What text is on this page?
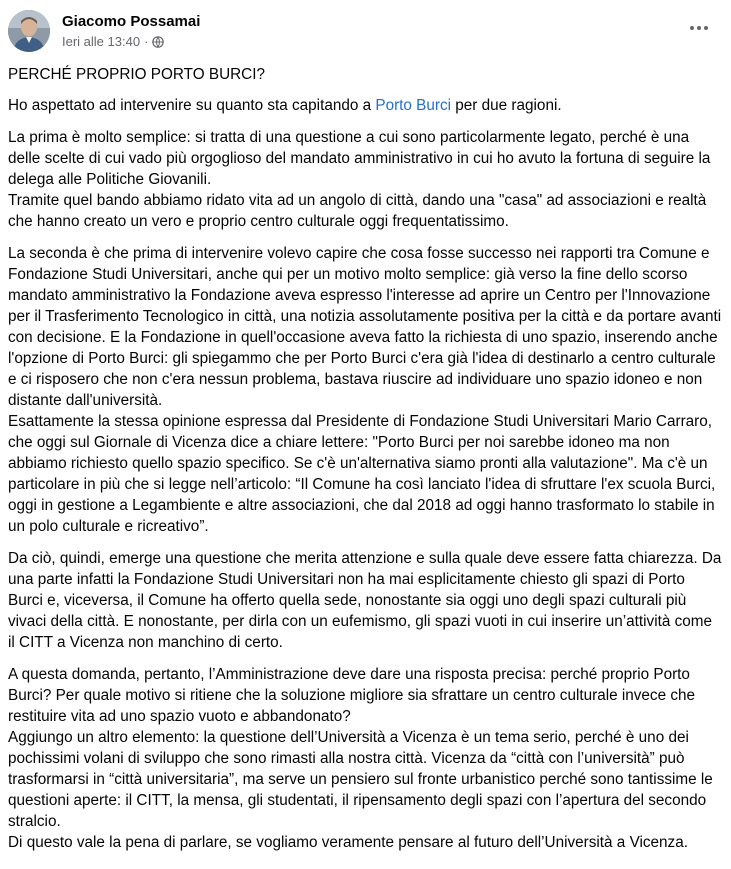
Giacomo Possamai
Ieri alle 13:40 ·

PERCHÉ PROPRIO PORTO BURCI?

Ho aspettato ad intervenire su quanto sta capitando a Porto Burci per due ragioni.

La prima è molto semplice: si tratta di una questione a cui sono particolarmente legato, perché è una delle scelte di cui vado più orgoglioso del mandato amministrativo in cui ho avuto la fortuna di seguire la delega alle Politiche Giovanili.
Tramite quel bando abbiamo ridato vita ad un angolo di città, dando una "casa" ad associazioni e realtà che hanno creato un vero e proprio centro culturale oggi frequentatissimo.

La seconda è che prima di intervenire volevo capire che cosa fosse successo nei rapporti tra Comune e Fondazione Studi Universitari, anche qui per un motivo molto semplice: già verso la fine dello scorso mandato amministrativo la Fondazione aveva espresso l'interesse ad aprire un Centro per l'Innovazione per il Trasferimento Tecnologico in città, una notizia assolutamente positiva per la città e da portare avanti con decisione. E la Fondazione in quell'occasione aveva fatto la richiesta di uno spazio, inserendo anche l'opzione di Porto Burci: gli spiegammo che per Porto Burci c'era già l'idea di destinarlo a centro culturale e ci risposero che non c'era nessun problema, bastava riuscire ad individuare uno spazio idoneo e non distante dall'università.
Esattamente la stessa opinione espressa dal Presidente di Fondazione Studi Universitari Mario Carraro, che oggi sul Giornale di Vicenza dice a chiare lettere: "Porto Burci per noi sarebbe idoneo ma non abbiamo richiesto quello spazio specifico. Se c'è un'alternativa siamo pronti alla valutazione". Ma c'è un particolare in più che si legge nell’articolo: “Il Comune ha così lanciato l'idea di sfruttare l'ex scuola Burci, oggi in gestione a Legambiente e altre associazioni, che dal 2018 ad oggi hanno trasformato lo stabile in un polo culturale e ricreativo”.

Da ciò, quindi, emerge una questione che merita attenzione e sulla quale deve essere fatta chiarezza. Da una parte infatti la Fondazione Studi Universitari non ha mai esplicitamente chiesto gli spazi di Porto Burci e, viceversa, il Comune ha offerto quella sede, nonostante sia oggi uno degli spazi culturali più vivaci della città. E nonostante, per dirla con un eufemismo, gli spazi vuoti in cui inserire un’attività come il CITT a Vicenza non manchino di certo.

A questa domanda, pertanto, l’Amministrazione deve dare una risposta precisa: perché proprio Porto Burci? Per quale motivo si ritiene che la soluzione migliore sia sfrattare un centro culturale invece che restituire vita ad uno spazio vuoto e abbandonato?
Aggiungo un altro elemento: la questione dell’Università a Vicenza è un tema serio, perché è uno dei pochissimi volani di sviluppo che sono rimasti alla nostra città. Vicenza da “città con l’università” può trasformarsi in “città universitaria”, ma serve un pensiero sul fronte urbanistico perché sono tantissime le questioni aperte: il CITT, la mensa, gli studentati, il ripensamento degli spazi con l’apertura del secondo stralcio.
Di questo vale la pena di parlare, se vogliamo veramente pensare al futuro dell’Università a Vicenza.
